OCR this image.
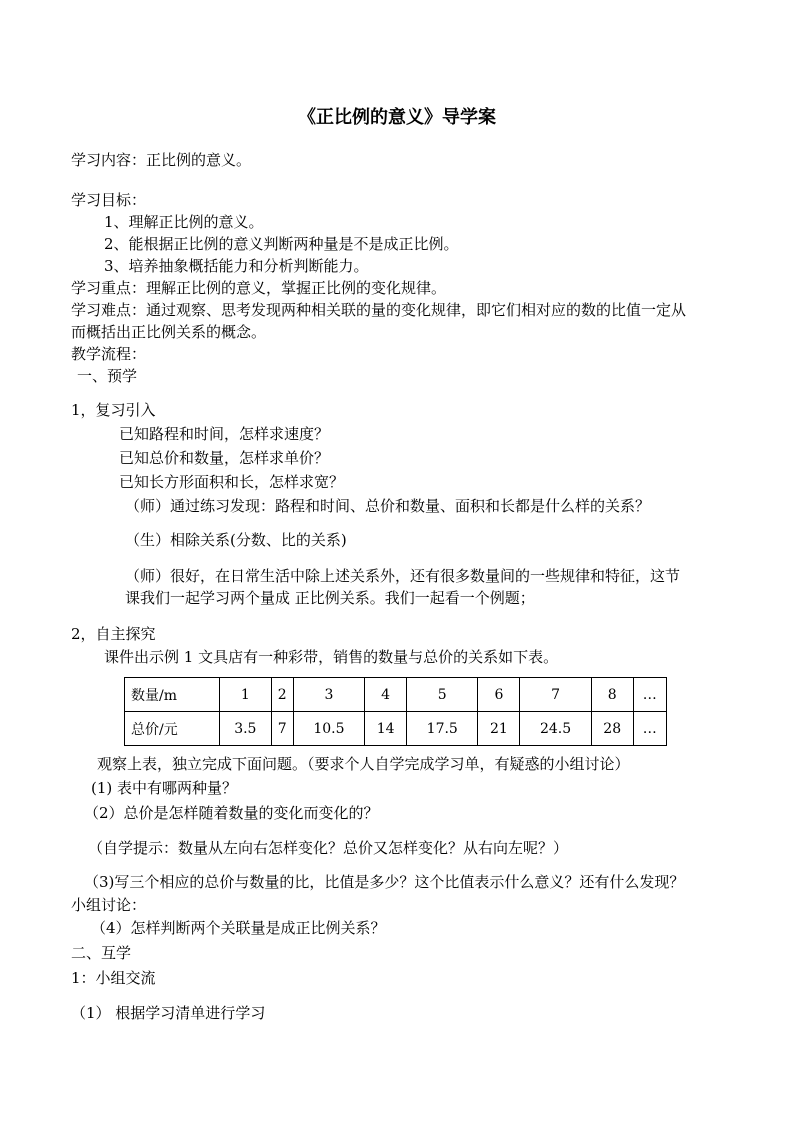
《正比例的意义》导学案
学习内容：正比例的意义。
学习目标：
1、理解正比例的意义。
2、能根据正比例的意义判断两种量是不是成正比例。
3、培养抽象概括能力和分析判断能力。
学习重点：理解正比例的意义，掌握正比例的变化规律。
学习难点：通过观察、思考发现两种相关联的量的变化规律，即它们相对应的数的比值一定从
而概括出正比例关系的概念。
教学流程：
一、预学
1，复习引入
已知路程和时间，怎样求速度？
已知总价和数量，怎样求单价？
已知长方形面积和长，怎样求宽？
（师）通过练习发现：路程和时间、总价和数量、面积和长都是什么样的关系？
（生）相除关系(分数、比的关系)
（师）很好，在日常生活中除上述关系外，还有很多数量间的一些规律和特征，这节
课我们一起学习两个量成 正比例关系。我们一起看一个例题；
2，自主探究
课件出示例 1 文具店有一种彩带，销售的数量与总价的关系如下表。
数量/m	1	2	3	4	5	6	7	8	…
总价/元	3.5	7	10.5	14	17.5	21	24.5	28	…
观察上表，独立完成下面问题。（要求个人自学完成学习单，有疑惑的小组讨论）
(1) 表中有哪两种量？
（2）总价是怎样随着数量的变化而变化的？
（自学提示：数量从左向右怎样变化？总价又怎样变化？从右向左呢？）
（3)写三个相应的总价与数量的比，比值是多少？这个比值表示什么意义？还有什么发现？
小组讨论：
（4）怎样判断两个关联量是成正比例关系？
二、互学
1：小组交流
（1） 根据学习清单进行学习
